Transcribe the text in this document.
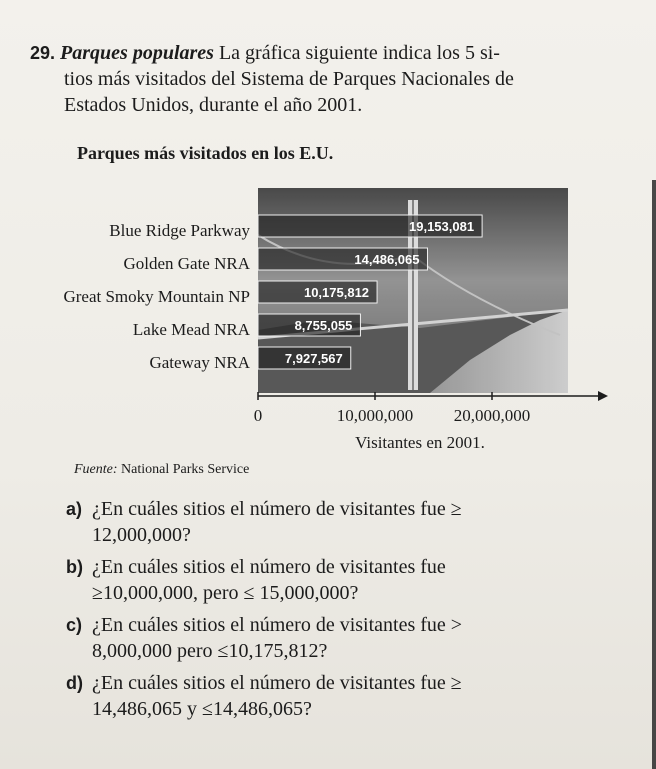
29. Parques populares La gráfica siguiente indica los 5 si-
tios más visitados del Sistema de Parques Nacionales de
Estados Unidos, durante el año 2001.
Parques más visitados en los E.U.
19,153,081
14,486,065
10,175,812
8,755,055
7,927,567
Blue Ridge Parkway
Golden Gate NRA
Great Smoky Mountain NP
Lake Mead NRA
Gateway NRA
0	10,000,000 20,000,000
Visitantes en 2001.
Fuente: National Parks Service
a) ¿En cuáles sitios el número de visitantes fue ≥
12,000,000?
b) ¿En cuáles sitios el número de visitantes fue
≥10,000,000, pero ≤ 15,000,000?
c) ¿En cuáles sitios el número de visitantes fue >
8,000,000 pero ≤10,175,812?
d) ¿En cuáles sitios el número de visitantes fue ≥
14,486,065 y ≤14,486,065?
